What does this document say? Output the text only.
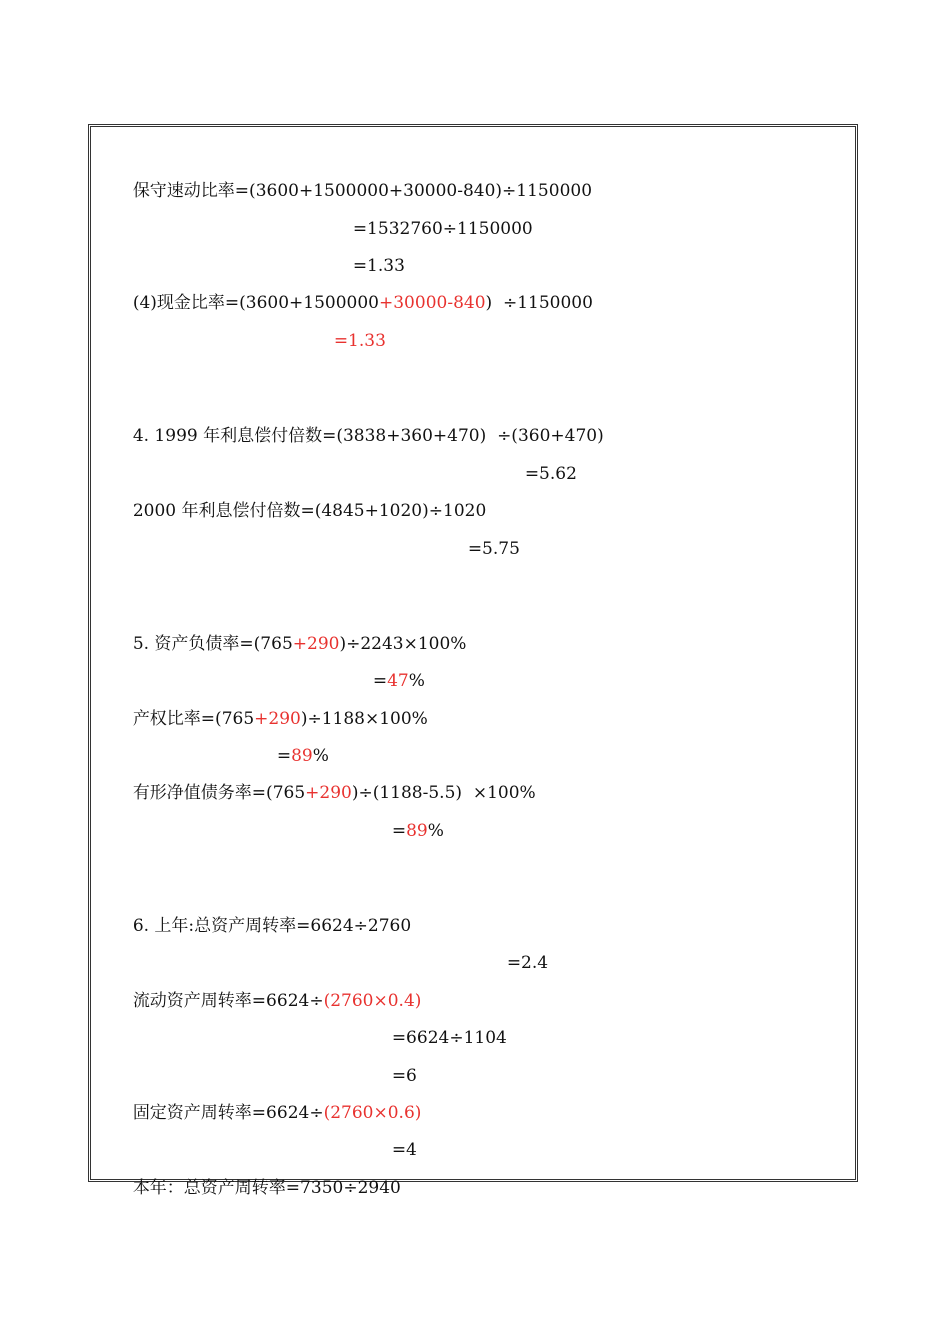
保守速动比率=(3600+1500000+30000-840)÷1150000

=1532760÷1150000

=1.33

(4)现金比率=(3600+1500000+30000-840)  ÷1150000

=1.33

4. 1999 年利息偿付倍数=(3838+360+470)  ÷(360+470)

=5.62

2000 年利息偿付倍数=(4845+1020)÷1020

=5.75

5. 资产负债率=(765+290)÷2243×100%

=47%

产权比率=(765+290)÷1188×100%

=89%

有形净值债务率=(765+290)÷(1188-5.5)  ×100%

=89%

6. 上年:总资产周转率=6624÷2760

=2.4

流动资产周转率=6624÷(2760×0.4)

=6624÷1104

=6

固定资产周转率=6624÷(2760×0.6)

=4

本年：总资产周转率=7350÷2940
